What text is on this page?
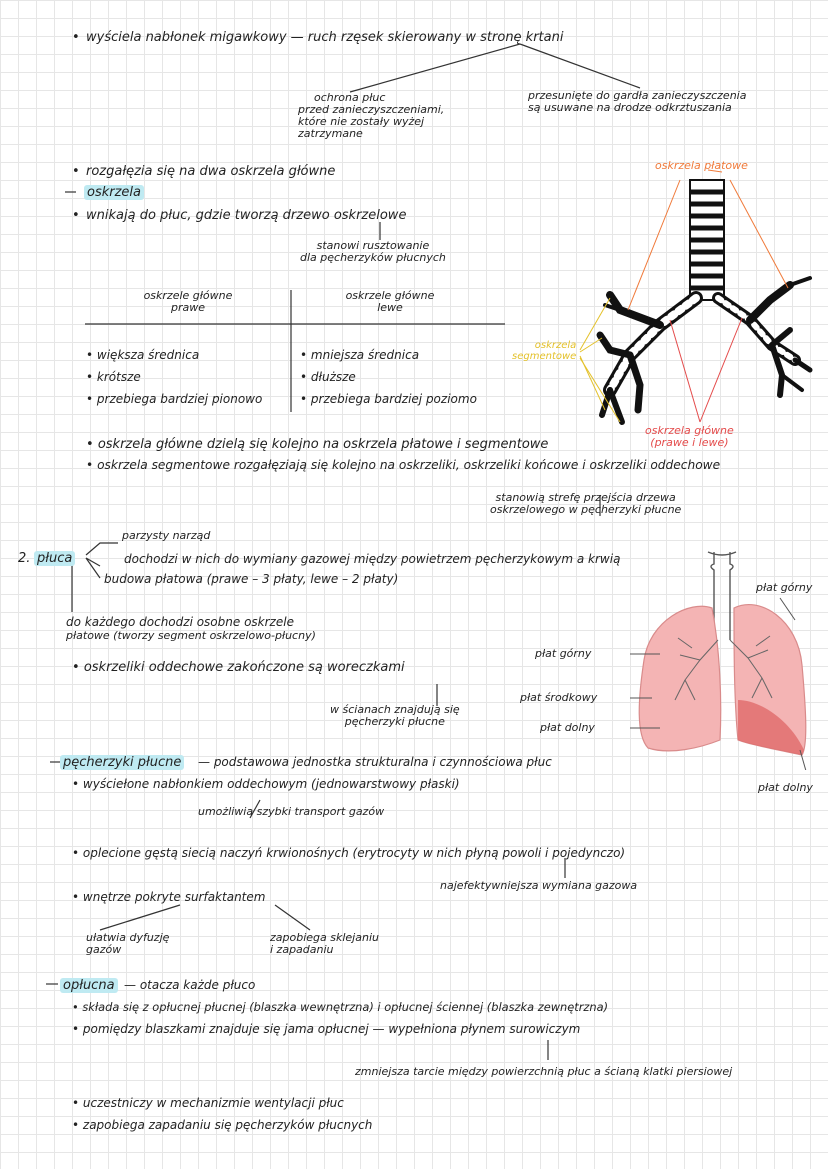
wyściela nabłonek migawkowy — ruch rzęsek skierowany w stronę krtani
ochrona płuc
przed zanieczyszczeniami,
które nie zostały wyżej
zatrzymane
przesunięte do gardła zanieczyszczenia
są usuwane na drodze odkrztuszania
rozgałęzia się na dwa oskrzela główne
oskrzela
wnikają do płuc, gdzie tworzą drzewo oskrzelowe
stanowi rusztowanie
dla pęcherzyków płucnych
oskrzele główne
prawe
oskrzele główne
lewe
• większa średnica
• krótsze
• przebiega bardziej pionowo
• mniejsza średnica
• dłuższe
• przebiega bardziej poziomo
oskrzela płatowe
oskrzela
segmentowe
oskrzela główne
(prawe i lewe)
• oskrzela główne dzielą się kolejno na oskrzela płatowe i segmentowe
• oskrzela segmentowe rozgałęziają się kolejno na oskrzeliki, oskrzeliki końcowe i oskrzeliki oddechowe
stanowią strefę przejścia drzewa
oskrzelowego w pęcherzyki płucne
2. płuca
parzysty narząd
dochodzi w nich do wymiany gazowej między powietrzem pęcherzykowym a krwią
budowa płatowa (prawe – 3 płaty, lewe – 2 płaty)
do każdego dochodzi osobne oskrzele
płatowe (tworzy segment oskrzelowo-płucny)
• oskrzeliki oddechowe zakończone są woreczkami
w ścianach znajdują się
pęcherzyki płucne
płat górny
płat środkowy
płat dolny
płat górny
płat dolny
pęcherzyki płucne — podstawowa jednostka strukturalna i czynnościowa płuc
• wyściełone nabłonkiem oddechowym (jednowarstwowy płaski)
umożliwia szybki transport gazów
• oplecione gęstą siecią naczyń krwionośnych (erytrocyty w nich płyną powoli i pojedynczo)
najefektywniejsza wymiana gazowa
• wnętrze pokryte surfaktantem
ułatwia dyfuzję
gazów
zapobiega sklejaniu
i zapadaniu
opłucna — otacza każde płuco
• składa się z opłucnej płucnej (blaszka wewnętrzna) i opłucnej ściennej (blaszka zewnętrzna)
• pomiędzy blaszkami znajduje się jama opłucnej — wypełniona płynem surowiczym
zmniejsza tarcie między powierzchnią płuc a ścianą klatki piersiowej
• uczestniczy w mechanizmie wentylacji płuc
• zapobiega zapadaniu się pęcherzyków płucnych
•
•
•
